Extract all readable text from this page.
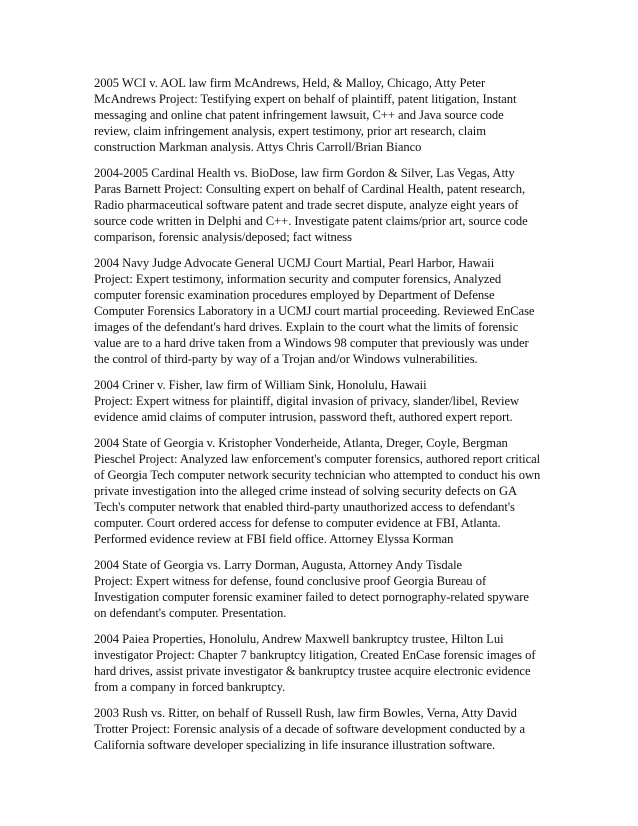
2005 WCI v. AOL law firm McAndrews, Held, & Malloy, Chicago, Atty Peter
McAndrews Project: Testifying expert on behalf of plaintiff, patent litigation, Instant
messaging and online chat patent infringement lawsuit, C++ and Java source code
review, claim infringement analysis, expert testimony, prior art research, claim
construction Markman analysis. Attys Chris Carroll/Brian Bianco
2004-2005 Cardinal Health vs. BioDose, law firm Gordon & Silver, Las Vegas, Atty
Paras Barnett Project: Consulting expert on behalf of Cardinal Health, patent research,
Radio pharmaceutical software patent and trade secret dispute, analyze eight years of
source code written in Delphi and C++. Investigate patent claims/prior art, source code
comparison, forensic analysis/deposed; fact witness
2004 Navy Judge Advocate General UCMJ Court Martial, Pearl Harbor, Hawaii
Project: Expert testimony, information security and computer forensics, Analyzed
computer forensic examination procedures employed by Department of Defense
Computer Forensics Laboratory in a UCMJ court martial proceeding. Reviewed EnCase
images of the defendant's hard drives. Explain to the court what the limits of forensic
value are to a hard drive taken from a Windows 98 computer that previously was under
the control of third-party by way of a Trojan and/or Windows vulnerabilities.
2004 Criner v. Fisher, law firm of William Sink, Honolulu, Hawaii
Project: Expert witness for plaintiff, digital invasion of privacy, slander/libel, Review
evidence amid claims of computer intrusion, password theft, authored expert report.
2004 State of Georgia v. Kristopher Vonderheide, Atlanta, Dreger, Coyle, Bergman
Pieschel Project: Analyzed law enforcement's computer forensics, authored report critical
of Georgia Tech computer network security technician who attempted to conduct his own
private investigation into the alleged crime instead of solving security defects on GA
Tech's computer network that enabled third-party unauthorized access to defendant's
computer. Court ordered access for defense to computer evidence at FBI, Atlanta.
Performed evidence review at FBI field office. Attorney Elyssa Korman
2004 State of Georgia vs. Larry Dorman, Augusta, Attorney Andy Tisdale
Project: Expert witness for defense, found conclusive proof Georgia Bureau of
Investigation computer forensic examiner failed to detect pornography-related spyware
on defendant's computer. Presentation.
2004 Paiea Properties, Honolulu, Andrew Maxwell bankruptcy trustee, Hilton Lui
investigator Project: Chapter 7 bankruptcy litigation, Created EnCase forensic images of
hard drives, assist private investigator & bankruptcy trustee acquire electronic evidence
from a company in forced bankruptcy.
2003 Rush vs. Ritter, on behalf of Russell Rush, law firm Bowles, Verna, Atty David
Trotter Project: Forensic analysis of a decade of software development conducted by a
California software developer specializing in life insurance illustration software.
